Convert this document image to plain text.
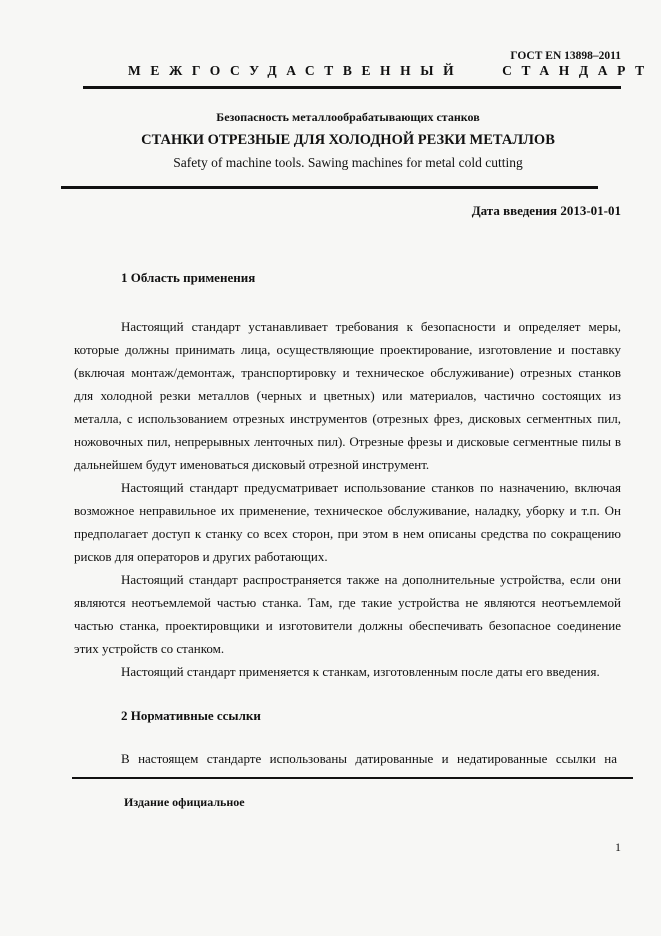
ГОСТ EN 13898–2011
МЕЖГОСУДАСТВЕННЫЙ   СТАНДАРТ
Безопасность металлообрабатывающих станков
СТАНКИ ОТРЕЗНЫЕ ДЛЯ ХОЛОДНОЙ РЕЗКИ МЕТАЛЛОВ
Safety of machine tools. Sawing machines for metal cold cutting
Дата введения 2013-01-01
1 Область применения

Настоящий стандарт устанавливает требования к безопасности и определяет меры, которые должны принимать лица, осуществляющие проектирование, изготовление и поставку (включая монтаж/демонтаж, транспортировку и техническое обслуживание) отрезных станков для холодной резки металлов (черных и цветных) или материалов, частично состоящих из металла, с использованием отрезных инструментов (отрезных фрез, дисковых сегментных пил, ножовочных пил, непрерывных ленточных пил). Отрезные фрезы и дисковые сегментные пилы в дальнейшем будут именоваться дисковый отрезной инструмент.

Настоящий стандарт предусматривает использование станков по назначению, включая возможное неправильное их применение, техническое обслуживание, наладку, уборку и т.п. Он предполагает доступ к станку со всех сторон, при этом в нем описаны средства по сокращению рисков для операторов и других работающих.

Настоящий стандарт распространяется также на дополнительные устройства, если они являются неотъемлемой частью станка. Там, где такие устройства не являются неотъемлемой частью станка, проектировщики и изготовители должны обеспечивать безопасное соединение этих устройств со станком.

Настоящий стандарт применяется к станкам, изготовленным после даты его введения.

2 Нормативные ссылки
В настоящем стандарте использованы датированные и недатированные ссылки на
Издание официальное
1
